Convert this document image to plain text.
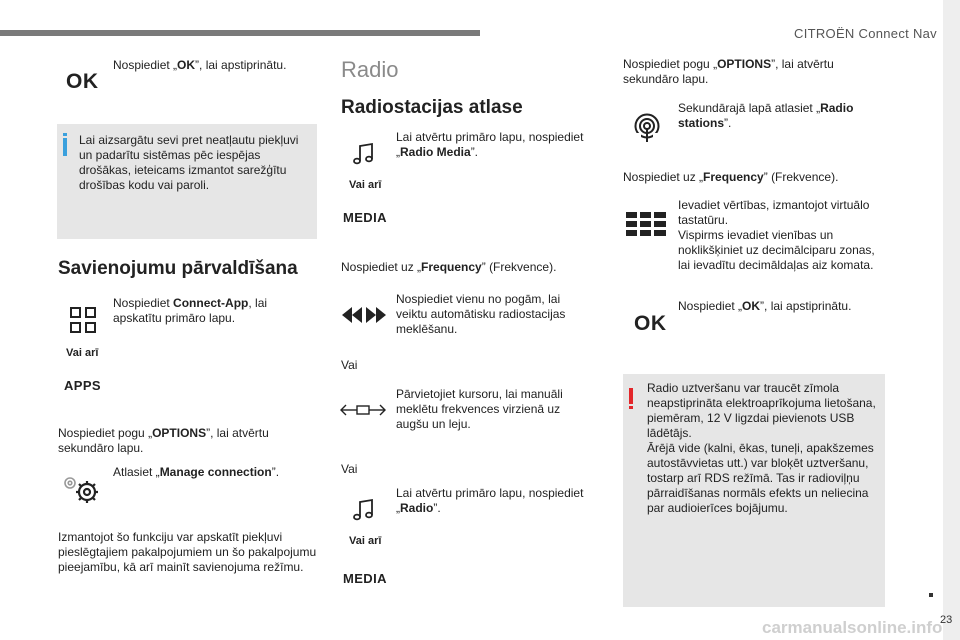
CITROËN Connect Nav
23
carmanualsonline.info
OK
Nospiediet „OK”, lai apstiprinātu.
Lai aizsargātu sevi pret neatļautu piekļuvi un padarītu sistēmas pēc iespējas drošākas, ieteicams izmantot sarežģītu drošības kodu vai paroli.
Savienojumu pārvaldīšana
Nospiediet Connect-App, lai apskatītu primāro lapu.
Vai arī
APPS
Nospiediet pogu „OPTIONS”, lai atvērtu sekundāro lapu.
Atlasiet „Manage connection”.
Izmantojot šo funkciju var apskatīt piekļuvi pieslēgtajiem pakalpojumiem un šo pakalpojumu pieejamību, kā arī mainīt savienojuma režīmu.
Radio
Radiostacijas atlase
Lai atvērtu primāro lapu, nospiediet „Radio Media”.
Vai arī
MEDIA
Nospiediet uz „Frequency” (Frekvence).
Nospiediet vienu no pogām, lai veiktu automātisku radiostacijas meklēšanu.
Vai
Pārvietojiet kursoru, lai manuāli meklētu frekvences virzienā uz augšu un leju.
Vai
Lai atvērtu primāro lapu, nospiediet „Radio”.
Vai arī
MEDIA
Nospiediet pogu „OPTIONS”, lai atvērtu sekundāro lapu.
Sekundārajā lapā atlasiet „Radio stations”.
Nospiediet uz „Frequency” (Frekvence).
Ievadiet vērtības, izmantojot virtuālo tastatūru.
Vispirms ievadiet vienības un noklikšķiniet uz decimālciparu zonas, lai ievadītu decimāldaļas aiz komata.
OK
Nospiediet „OK”, lai apstiprinātu.
Radio uztveršanu var traucēt zīmola neapstiprināta elektroaprīkojuma lietošana, piemēram, 12 V ligzdai pievienots USB lādētājs.
Ārējā vide (kalni, ēkas, tuneļi, apakšzemes autostāvvietas utt.) var bloķēt uztveršanu, tostarp arī RDS režīmā. Tas ir radioviļņu pārraidīšanas normāls efekts un neliecina par audioierīces bojājumu.
